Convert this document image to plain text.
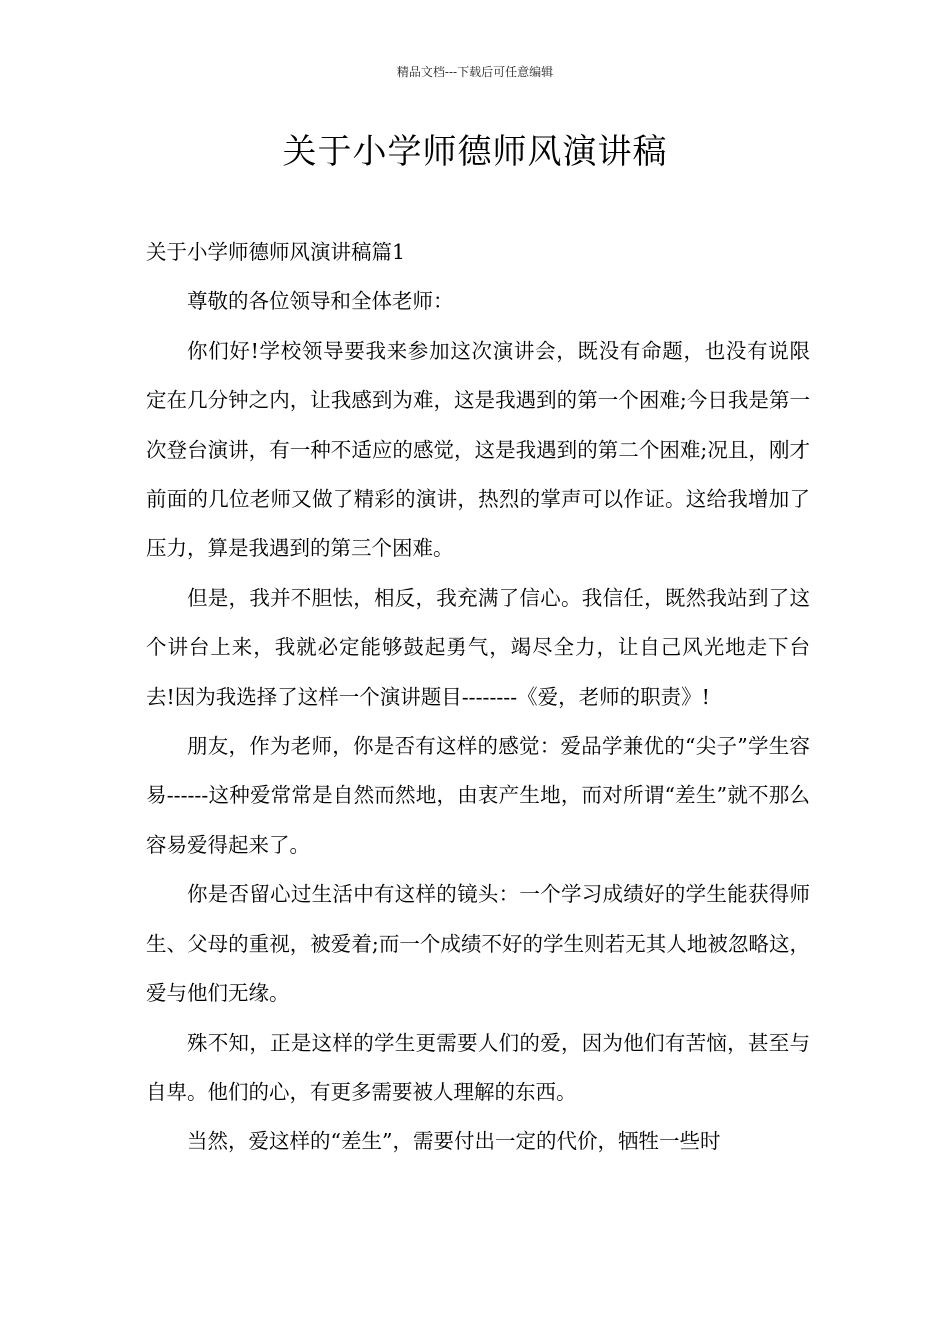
精品文档---下载后可任意编辑
关于小学师德师风演讲稿

关于小学师德师风演讲稿篇1

尊敬的各位领导和全体老师：

你们好!学校领导要我来参加这次演讲会，既没有命题，也没有说限定在几分钟之内，让我感到为难，这是我遇到的第一个困难;今日我是第一次登台演讲，有一种不适应的感觉，这是我遇到的第二个困难;况且，刚才前面的几位老师又做了精彩的演讲，热烈的掌声可以作证。这给我增加了压力，算是我遇到的第三个困难。

但是，我并不胆怯，相反，我充满了信心。我信任，既然我站到了这个讲台上来，我就必定能够鼓起勇气，竭尽全力，让自己风光地走下台去!因为我选择了这样一个演讲题目--------《爱，老师的职责》!

朋友，作为老师，你是否有这样的感觉：爱品学兼优的“尖子”学生容易------这种爱常常是自然而然地，由衷产生地，而对所谓“差生”就不那么容易爱得起来了。

你是否留心过生活中有这样的镜头：一个学习成绩好的学生能获得师生、父母的重视，被爱着;而一个成绩不好的学生则若无其人地被忽略这，爱与他们无缘。

殊不知，正是这样的学生更需要人们的爱，因为他们有苦恼，甚至与自卑。他们的心，有更多需要被人理解的东西。

当然，爱这样的“差生”，需要付出一定的代价，牺牲一些时
